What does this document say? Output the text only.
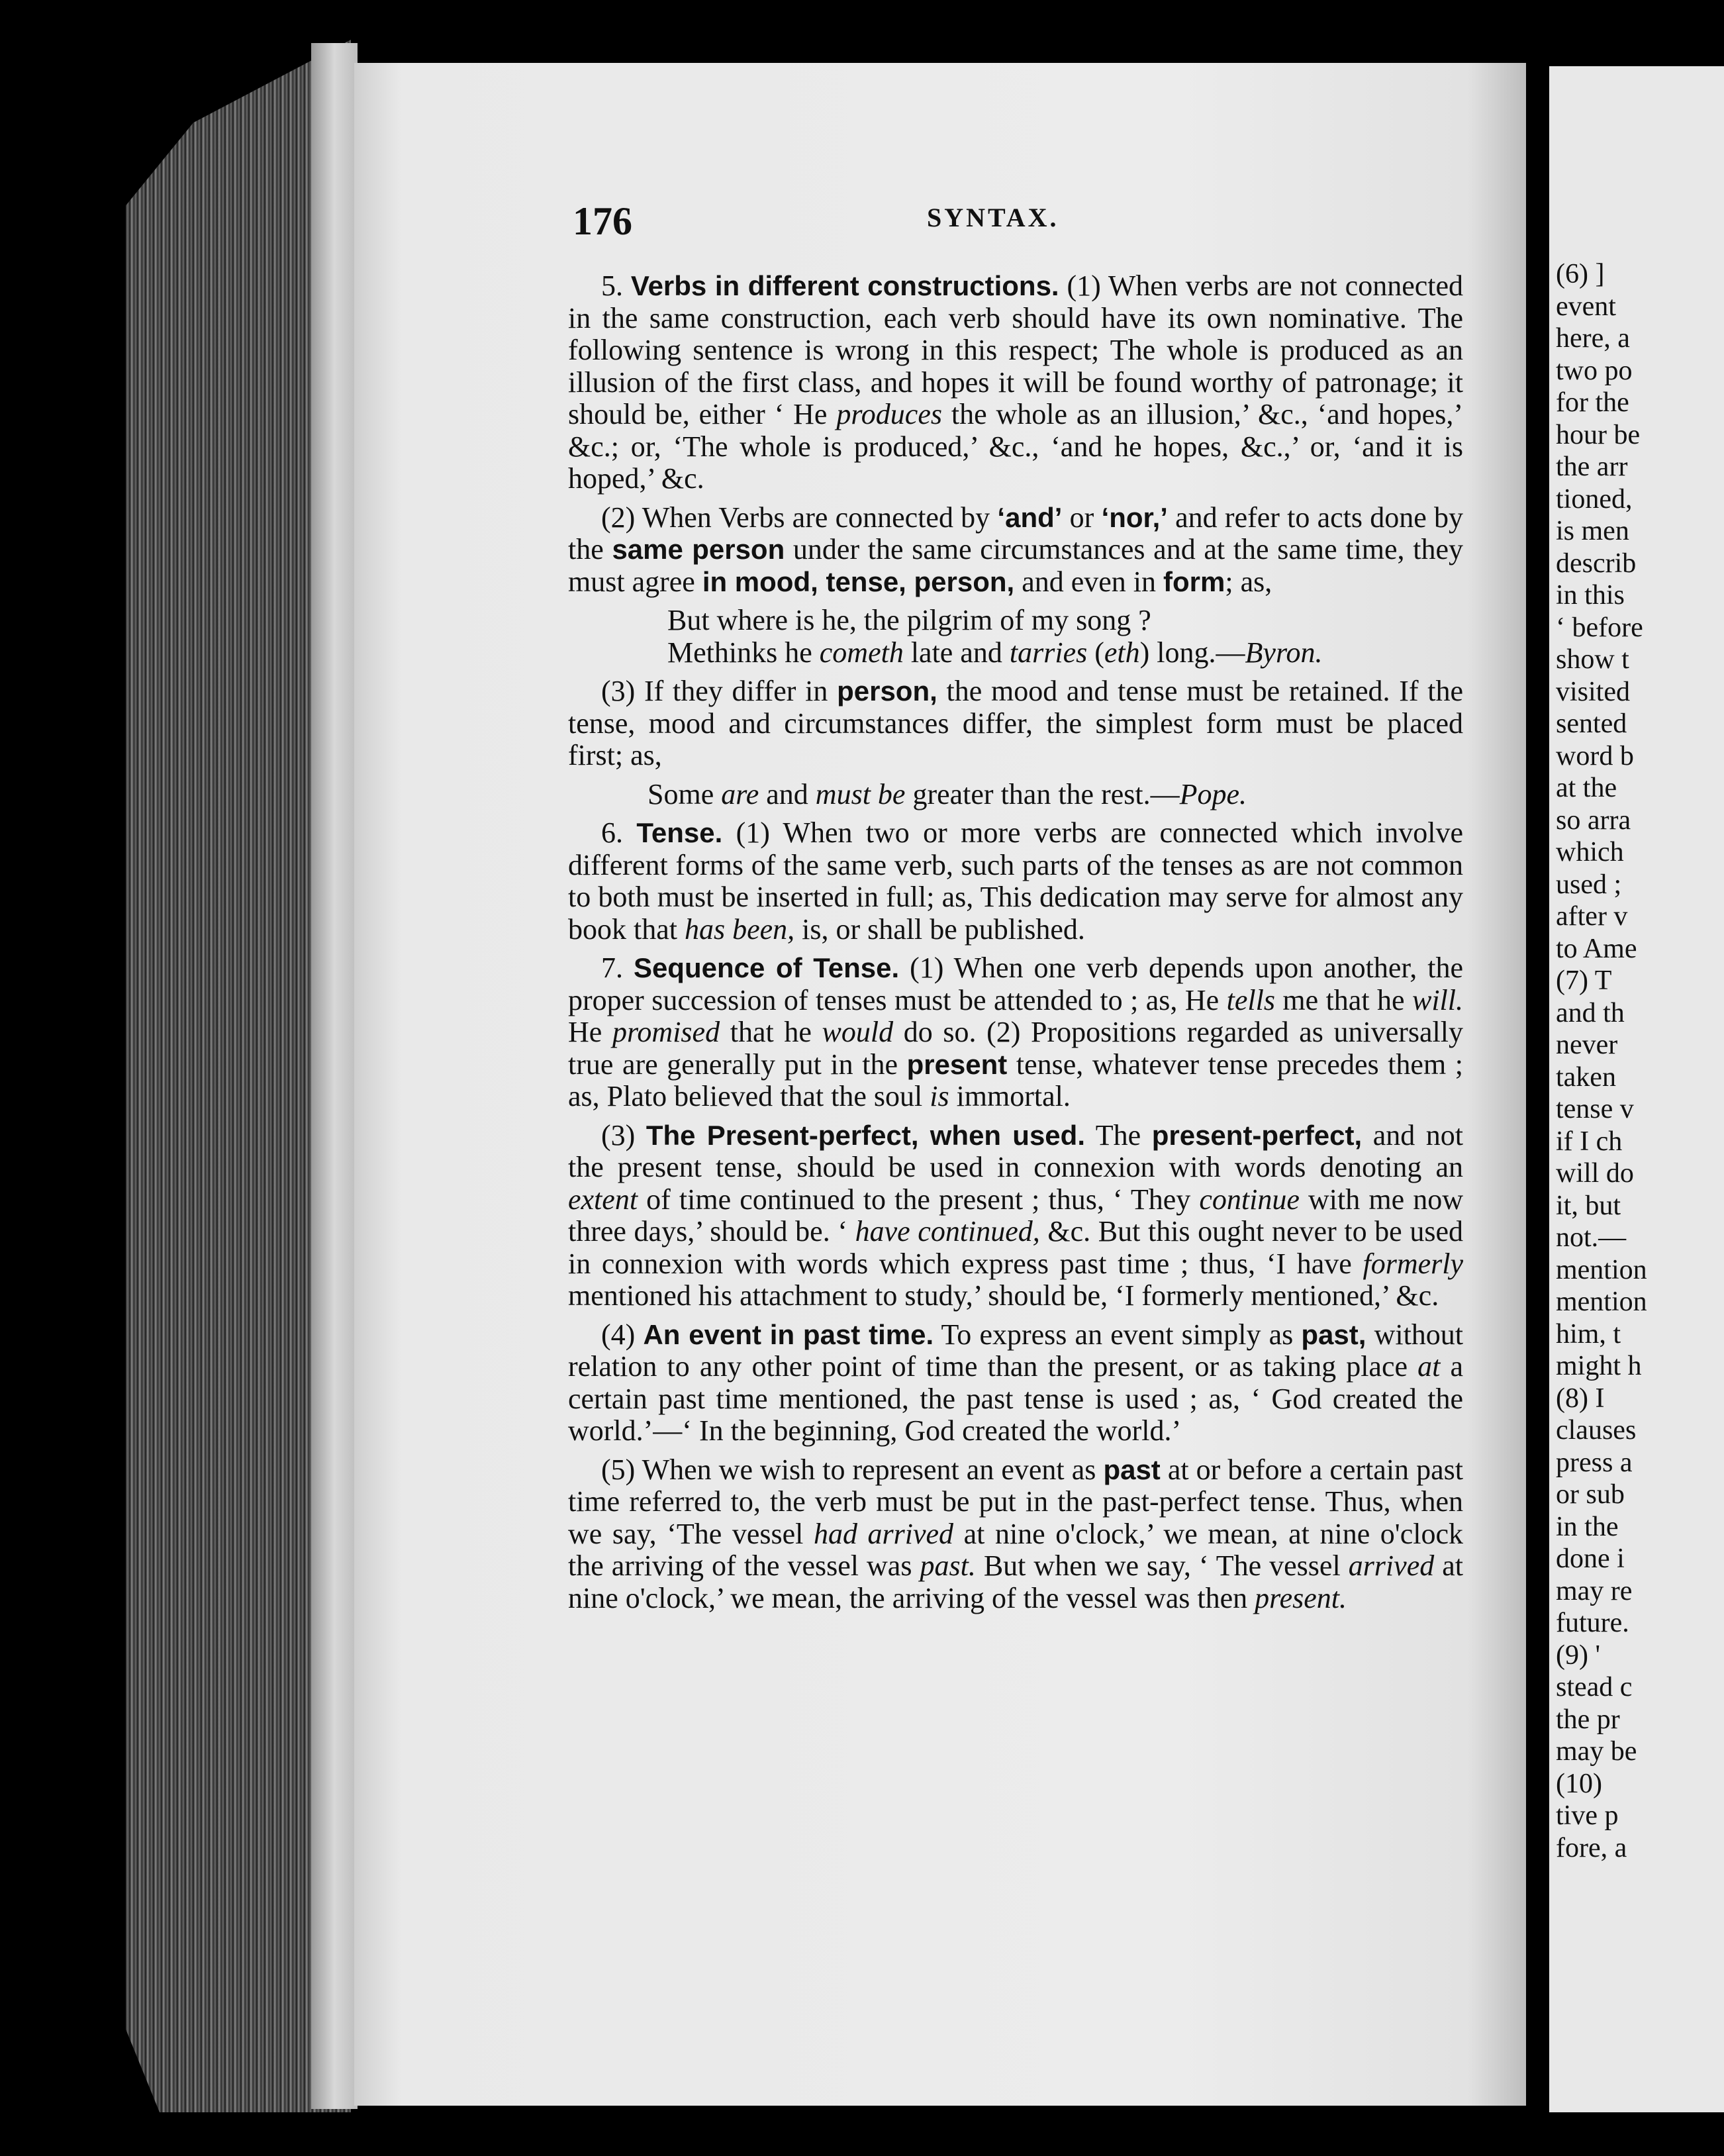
176	SYNTAX.

5. Verbs in different constructions. (1) When verbs are not connected in the same construction, each verb should have its own nominative. The following sentence is wrong in this respect; The whole is produced as an illusion of the first class, and hopes it will be found worthy of patronage; it should be, either ‘ He produces the whole as an illusion,’ &c., ‘and hopes,’ &c.; or, ‘The whole is produced,’ &c., ‘and he hopes, &c.,’ or, ‘and it is hoped,’ &c.

(2) When Verbs are connected by ‘and’ or ‘nor,’ and refer to acts done by the same person under the same circumstances and at the same time, they must agree in mood, tense, person, and even in form; as,

But where is he, the pilgrim of my song ?
Methinks he cometh late and tarries (eth) long.—Byron.

(3) If they differ in person, the mood and tense must be retained. If the tense, mood and circumstances differ, the simplest form must be placed first; as,

Some are and must be greater than the rest.—Pope.

6. Tense. (1) When two or more verbs are connected which involve different forms of the same verb, such parts of the tenses as are not common to both must be inserted in full; as, This dedication may serve for almost any book that has been, is, or shall be published.

7. Sequence of Tense. (1) When one verb depends upon another, the proper succession of tenses must be attended to ; as, He tells me that he will. He promised that he would do so. (2) Propositions regarded as universally true are generally put in the present tense, whatever tense precedes them ; as, Plato believed that the soul is immortal.

(3) The Present-perfect, when used. The present-perfect, and not the present tense, should be used in connexion with words denoting an extent of time continued to the present ; thus, ‘ They continue with me now three days,’ should be. ‘ have continued, &c. But this ought never to be used in connexion with words which express past time ; thus, ‘I have formerly mentioned his attachment to study,’ should be, ‘I formerly mentioned,’ &c.

(4) An event in past time. To express an event simply as past, without relation to any other point of time than the present, or as taking place at a certain past time mentioned, the past tense is used ; as, ‘ God created the world.’—‘ In the beginning, God created the world.’

(5) When we wish to represent an event as past at or before a certain past time referred to, the verb must be put in the past-perfect tense. Thus, when we say, ‘The vessel had arrived at nine o'clock,’ we mean, at nine o'clock the arriving of the vessel was past. But when we say, ‘ The vessel arrived at nine o'clock,’ we mean, the arriving of the vessel was then present.

(6) ]
event
here, a
two po
for the
hour be
the arr
tioned,
is men
describ
in this
‘ before
show t
visited
sented
word b
at the
so arra
which
used ;
after v
to Ame
(7) T
and th
never
taken
tense v
if I ch
will do
it, but
not.—
mention
mention
him, t
might h
(8) I
clauses
press a
or sub
in the
done i
may re
future.
(9) '
stead c
the pr
may be
(10)
tive p
fore, a
